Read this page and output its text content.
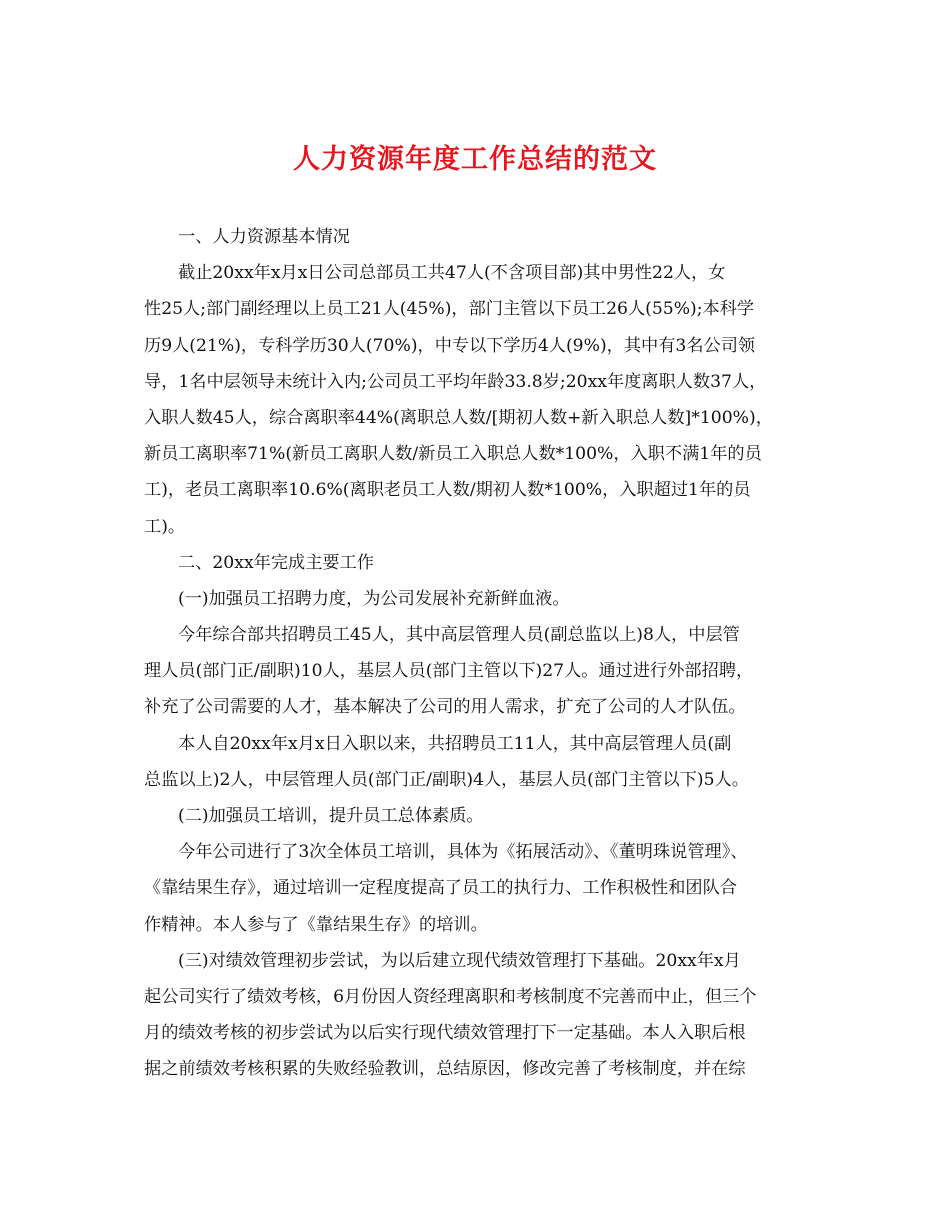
人力资源年度工作总结的范文
一、人力资源基本情况
截止20xx年x月x日公司总部员工共47人(不含项目部)其中男性22人，女
性25人;部门副经理以上员工21人(45%)，部门主管以下员工26人(55%);本科学
历9人(21%)，专科学历30人(70%)，中专以下学历4人(9%)，其中有3名公司领
导，1名中层领导未统计入内;公司员工平均年龄33.8岁;20xx年度离职人数37人，
入职人数45人，综合离职率44%(离职总人数/[期初人数+新入职总人数]*100%)，
新员工离职率71%(新员工离职人数/新员工入职总人数*100%，入职不满1年的员
工)，老员工离职率10.6%(离职老员工人数/期初人数*100%，入职超过1年的员
工)。
二、20xx年完成主要工作
(一)加强员工招聘力度，为公司发展补充新鲜血液。
今年综合部共招聘员工45人，其中高层管理人员(副总监以上)8人，中层管
理人员(部门正/副职)10人，基层人员(部门主管以下)27人。通过进行外部招聘，
补充了公司需要的人才，基本解决了公司的用人需求，扩充了公司的人才队伍。
本人自20xx年x月x日入职以来，共招聘员工11人，其中高层管理人员(副
总监以上)2人，中层管理人员(部门正/副职)4人，基层人员(部门主管以下)5人。
(二)加强员工培训，提升员工总体素质。
今年公司进行了3次全体员工培训，具体为《拓展活动》、《董明珠说管理》、
《靠结果生存》，通过培训一定程度提高了员工的执行力、工作积极性和团队合
作精神。本人参与了《靠结果生存》的培训。
(三)对绩效管理初步尝试，为以后建立现代绩效管理打下基础。20xx年x月
起公司实行了绩效考核，6月份因人资经理离职和考核制度不完善而中止，但三个
月的绩效考核的初步尝试为以后实行现代绩效管理打下一定基础。本人入职后根
据之前绩效考核积累的失败经验教训，总结原因，修改完善了考核制度，并在综
